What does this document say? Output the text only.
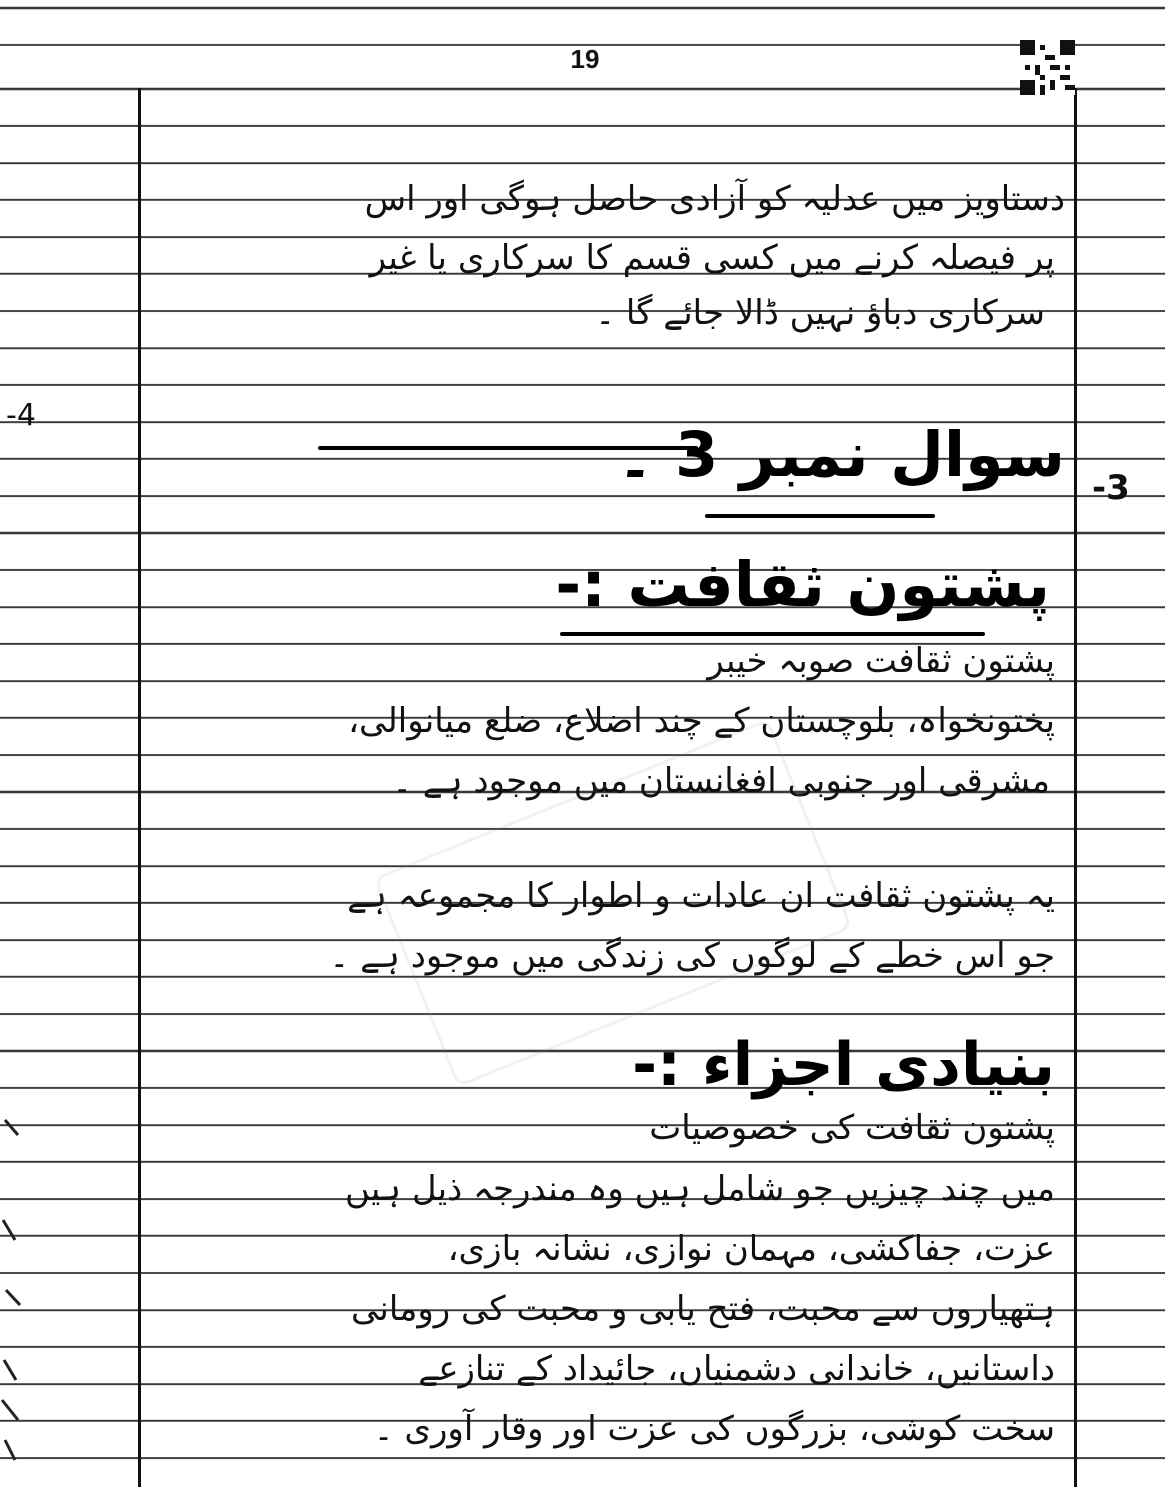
19
-4
-3
دستاویز میں عدلیہ کو آزادی حاصل ہوگی اور اس
پر فیصلہ کرنے میں کسی قسم کا سرکاری یا غیر
سرکاری دباؤ نہیں ڈالا جائے گا ۔
سوال نمبر 3 ۔
پشتون ثقافت :-
پشتون ثقافت صوبہ خیبر
پختونخواہ، بلوچستان کے چند اضلاع، ضلع میانوالی،
مشرقی اور جنوبی افغانستان میں موجود ہے ۔
یہ پشتون ثقافت ان عادات و اطوار کا مجموعہ ہے
جو اس خطے کے لوگوں کی زندگی میں موجود ہے ۔
بنیادی اجزاء :-
پشتون ثقافت کی خصوصیات
میں چند چیزیں جو شامل ہیں وہ مندرجہ ذیل ہیں
عزت، جفاکشی، مہمان نوازی، نشانہ بازی،
ہتھیاروں سے محبت، فتح یابی و محبت کی رومانی
داستانیں، خاندانی دشمنیاں، جائیداد کے تنازعے
سخت کوشی، بزرگوں کی عزت اور وقار آوری ۔
